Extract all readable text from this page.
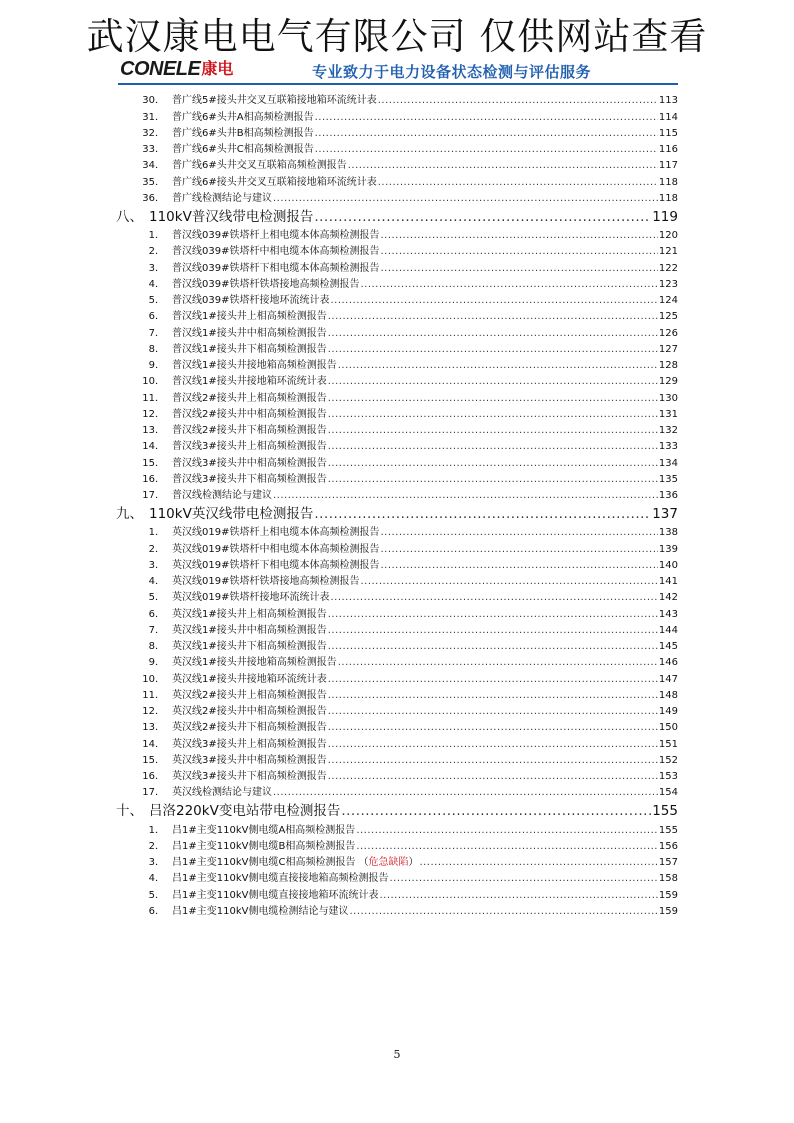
武汉康电电气有限公司 仅供网站查看
CONELE 康电	专业致力于电力设备状态检测与评估服务
30． 普广线5#接头井交叉互联箱接地箱环流统计表 .....	113
31． 普广线6#头井A相高频检测报告 .....	114
32． 普广线6#头井B相高频检测报告 .....	115
33． 普广线6#头井C相高频检测报告 .....	116
34． 普广线6#头井交叉互联箱高频检测报告 .....	117
35． 普广线6#接头井交叉互联箱接地箱环流统计表 .....	118
36． 普广线检测结论与建议 .....	118
八、 110kV普汉线带电检测报告 .....	119
1． 普汉线039#铁塔杆上相电缆本体高频检测报告 .....	120
2． 普汉线039#铁塔杆中相电缆本体高频检测报告 .....	121
3． 普汉线039#铁塔杆下相电缆本体高频检测报告 .....	122
4． 普汉线039#铁塔杆铁塔接地高频检测报告 .....	123
5． 普汉线039#铁塔杆接地环流统计表 .....	124
6． 普汉线1#接头井上相高频检测报告 .....	125
7． 普汉线1#接头井中相高频检测报告 .....	126
8． 普汉线1#接头井下相高频检测报告 .....	127
9． 普汉线1#接头井接地箱高频检测报告 .....	128
10． 普汉线1#接头井接地箱环流统计表 .....	129
11． 普汉线2#接头井上相高频检测报告 .....	130
12． 普汉线2#接头井中相高频检测报告 .....	131
13． 普汉线2#接头井下相高频检测报告 .....	132
14． 普汉线3#接头井上相高频检测报告 .....	133
15． 普汉线3#接头井中相高频检测报告 .....	134
16． 普汉线3#接头井下相高频检测报告 .....	135
17． 普汉线检测结论与建议 .....	136
九、 110kV英汉线带电检测报告 .....	137
1． 英汉线019#铁塔杆上相电缆本体高频检测报告 .....	138
2． 英汉线019#铁塔杆中相电缆本体高频检测报告 .....	139
3． 英汉线019#铁塔杆下相电缆本体高频检测报告 .....	140
4． 英汉线019#铁塔杆铁塔接地高频检测报告 .....	141
5． 英汉线019#铁塔杆接地环流统计表 .....	142
6． 英汉线1#接头井上相高频检测报告 .....	143
7． 英汉线1#接头井中相高频检测报告 .....	144
8． 英汉线1#接头井下相高频检测报告 .....	145
9． 英汉线1#接头井接地箱高频检测报告 .....	146
10． 英汉线1#接头井接地箱环流统计表 .....	147
11． 英汉线2#接头井上相高频检测报告 .....	148
12． 英汉线2#接头井中相高频检测报告 .....	149
13． 英汉线2#接头井下相高频检测报告 .....	150
14． 英汉线3#接头井上相高频检测报告 .....	151
15． 英汉线3#接头井中相高频检测报告 .....	152
16． 英汉线3#接头井下相高频检测报告 .....	153
17． 英汉线检测结论与建议 .....	154
十、 吕洛220kV变电站带电检测报告 .....	155
1． 吕1#主变110kV侧电缆A相高频检测报告 .....	155
2． 吕1#主变110kV侧电缆B相高频检测报告 .....	156
3． 吕1#主变110kV侧电缆C相高频检测报告 （危急缺陷） .....	157
4． 吕1#主变110kV侧电缆直接接地箱高频检测报告 .....	158
5． 吕1#主变110kV侧电缆直接接地箱环流统计表 .....	159
6． 吕1#主变110kV侧电缆检测结论与建议 .....	159
5
